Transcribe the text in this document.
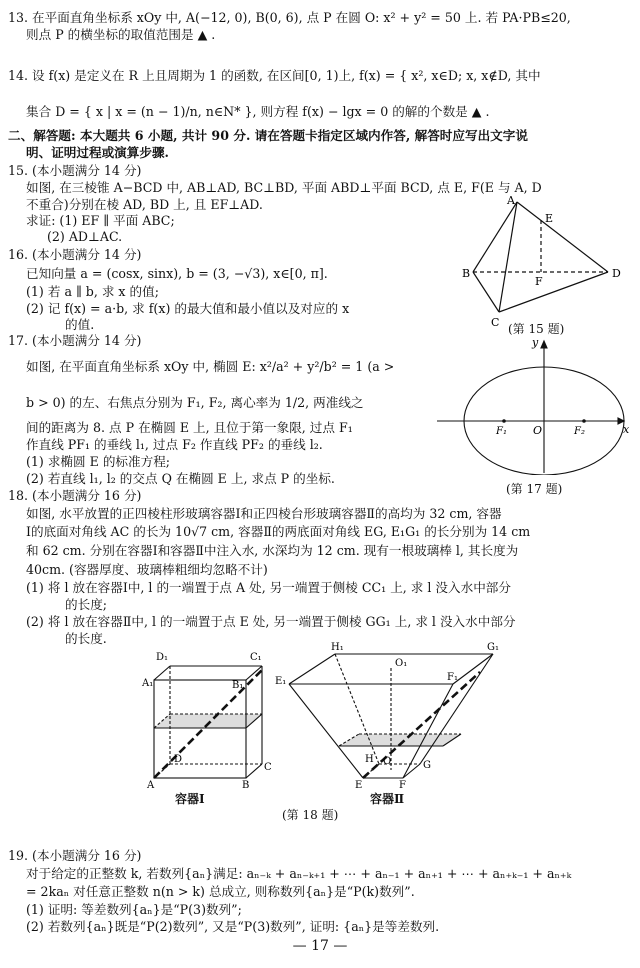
13. 在平面直角坐标系 xOy 中, A(−12, 0), B(0, 6), 点 P 在圆 O: x² + y² = 50 上. 若 PA·PB≤20,
则点 P 的横坐标的取值范围是 ▲ .
14. 设 f(x) 是定义在 R 上且周期为 1 的函数, 在区间[0, 1)上, f(x) = { x², x∈D; x, x∉D, 其中
集合 D = { x | x = (n − 1)/n, n∈N* }, 则方程 f(x) − lgx = 0 的解的个数是 ▲ .
二、解答题: 本大题共 6 小题, 共计 90 分. 请在答题卡指定区域内作答, 解答时应写出文字说
明、证明过程或演算步骤.
15. (本小题满分 14 分)
如图, 在三棱锥 A−BCD 中, AB⊥AD, BC⊥BD, 平面 ABD⊥平面 BCD, 点 E, F(E 与 A, D
不重合)分别在棱 AD, BD 上, 且 EF⊥AD.
求证: (1) EF ∥ 平面 ABC;
(2) AD⊥AC.
16. (本小题满分 14 分)
已知向量 a = (cosx, sinx), b = (3, −√3), x∈[0, π].
(1) 若 a ∥ b, 求 x 的值;
(2) 记 f(x) = a·b, 求 f(x) 的最大值和最小值以及对应的 x
的值.
17. (本小题满分 14 分)
如图, 在平面直角坐标系 xOy 中, 椭圆 E: x²/a² + y²/b² = 1 (a >
b > 0) 的左、右焦点分别为 F₁, F₂, 离心率为 1/2, 两准线之
间的距离为 8. 点 P 在椭圆 E 上, 且位于第一象限, 过点 F₁
作直线 PF₁ 的垂线 l₁, 过点 F₂ 作直线 PF₂ 的垂线 l₂.
(1) 求椭圆 E 的标准方程;
(2) 若直线 l₁, l₂ 的交点 Q 在椭圆 E 上, 求点 P 的坐标.
18. (本小题满分 16 分)
如图, 水平放置的正四棱柱形玻璃容器Ⅰ和正四棱台形玻璃容器Ⅱ的高均为 32 cm, 容器
Ⅰ的底面对角线 AC 的长为 10√7 cm, 容器Ⅱ的两底面对角线 EG, E₁G₁ 的长分别为 14 cm
和 62 cm. 分别在容器Ⅰ和容器Ⅱ中注入水, 水深均为 12 cm. 现有一根玻璃棒 l, 其长度为
40cm. (容器厚度、玻璃棒粗细均忽略不计)
(1) 将 l 放在容器Ⅰ中, l 的一端置于点 A 处, 另一端置于侧棱 CC₁ 上, 求 l 没入水中部分
的长度;
(2) 将 l 放在容器Ⅱ中, l 的一端置于点 E 处, 另一端置于侧棱 GG₁ 上, 求 l 没入水中部分
的长度.
19. (本小题满分 16 分)
对于给定的正整数 k, 若数列{aₙ}满足: aₙ₋ₖ + aₙ₋ₖ₊₁ + ⋯ + aₙ₋₁ + aₙ₊₁ + ⋯ + aₙ₊ₖ₋₁ + aₙ₊ₖ
= 2kaₙ 对任意正整数 n(n > k) 总成立, 则称数列{aₙ}是“P(k)数列”.
(1) 证明: 等差数列{aₙ}是“P(3)数列”;
(2) 若数列{aₙ}既是“P(2)数列”, 又是“P(3)数列”, 证明: {aₙ}是等差数列.
A
B
C
D
E
F
(第 15 题)
x
y
O
F₁	F₂
(第 17 题)
D₁	C₁
A₁	B₁
D
C
A	B
容器Ⅰ
H₁	G₁
O₁
E₁	F₁
H O	G
E	F
容器Ⅱ
(第 18 题)
— 17 —
